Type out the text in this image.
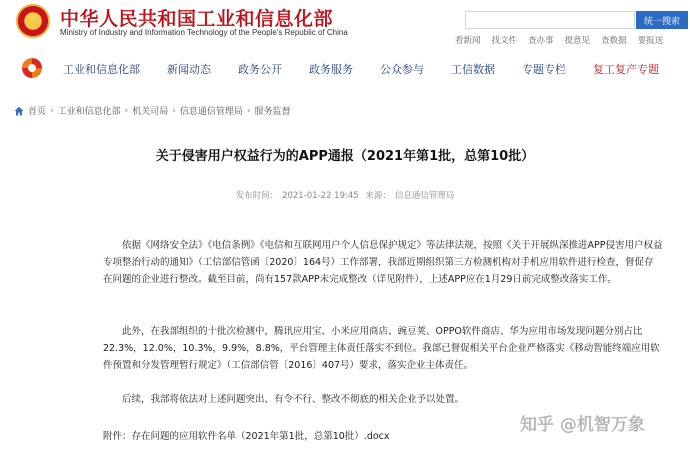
中华人民共和国工业和信息化部
Ministry of Industry and Information Technology of the People's Republic of China
统一搜索
看新闻 找文件 查办事 提意见 查数据 要报送
工业和信息化部 新闻动态 政务公开 政务服务 公众参与 工信数据 专题专栏 复工复产专题
首页 › 工业和信息化部 › 机关司局 › 信息通信管理局 › 服务监督
关于侵害用户权益行为的APP通报（2021年第1批，总第10批）
发布时间： 2021-01-22 19:45 来源： 信息通信管理局

依据《网络安全法》《电信条例》《电信和互联网用户个人信息保护规定》等法律法规，按照《关于开展纵深推进APP侵害用户权益专项整治行动的通知》（工信部信管函〔2020〕164号）工作部署，我部近期组织第三方检测机构对手机应用软件进行检查，督促存在问题的企业进行整改。截至目前，尚有157款APP未完成整改（详见附件），上述APP应在1月29日前完成整改落实工作。

此外，在我部组织的十批次检测中，腾讯应用宝、小米应用商店、豌豆荚、OPPO软件商店、华为应用市场发现问题分别占比22.3%，12.0%，10.3%，9.9%，8.8%，平台管理主体责任落实不到位。我部已督促相关平台企业严格落实《移动智能终端应用软件预置和分发管理暂行规定》（工信部信管〔2016〕407号）要求，落实企业主体责任。

后续，我部将依法对上述问题突出、有令不行、整改不彻底的相关企业予以处置。

附件：存在问题的应用软件名单（2021年第1批，总第10批）.docx
知乎 @机智万象
